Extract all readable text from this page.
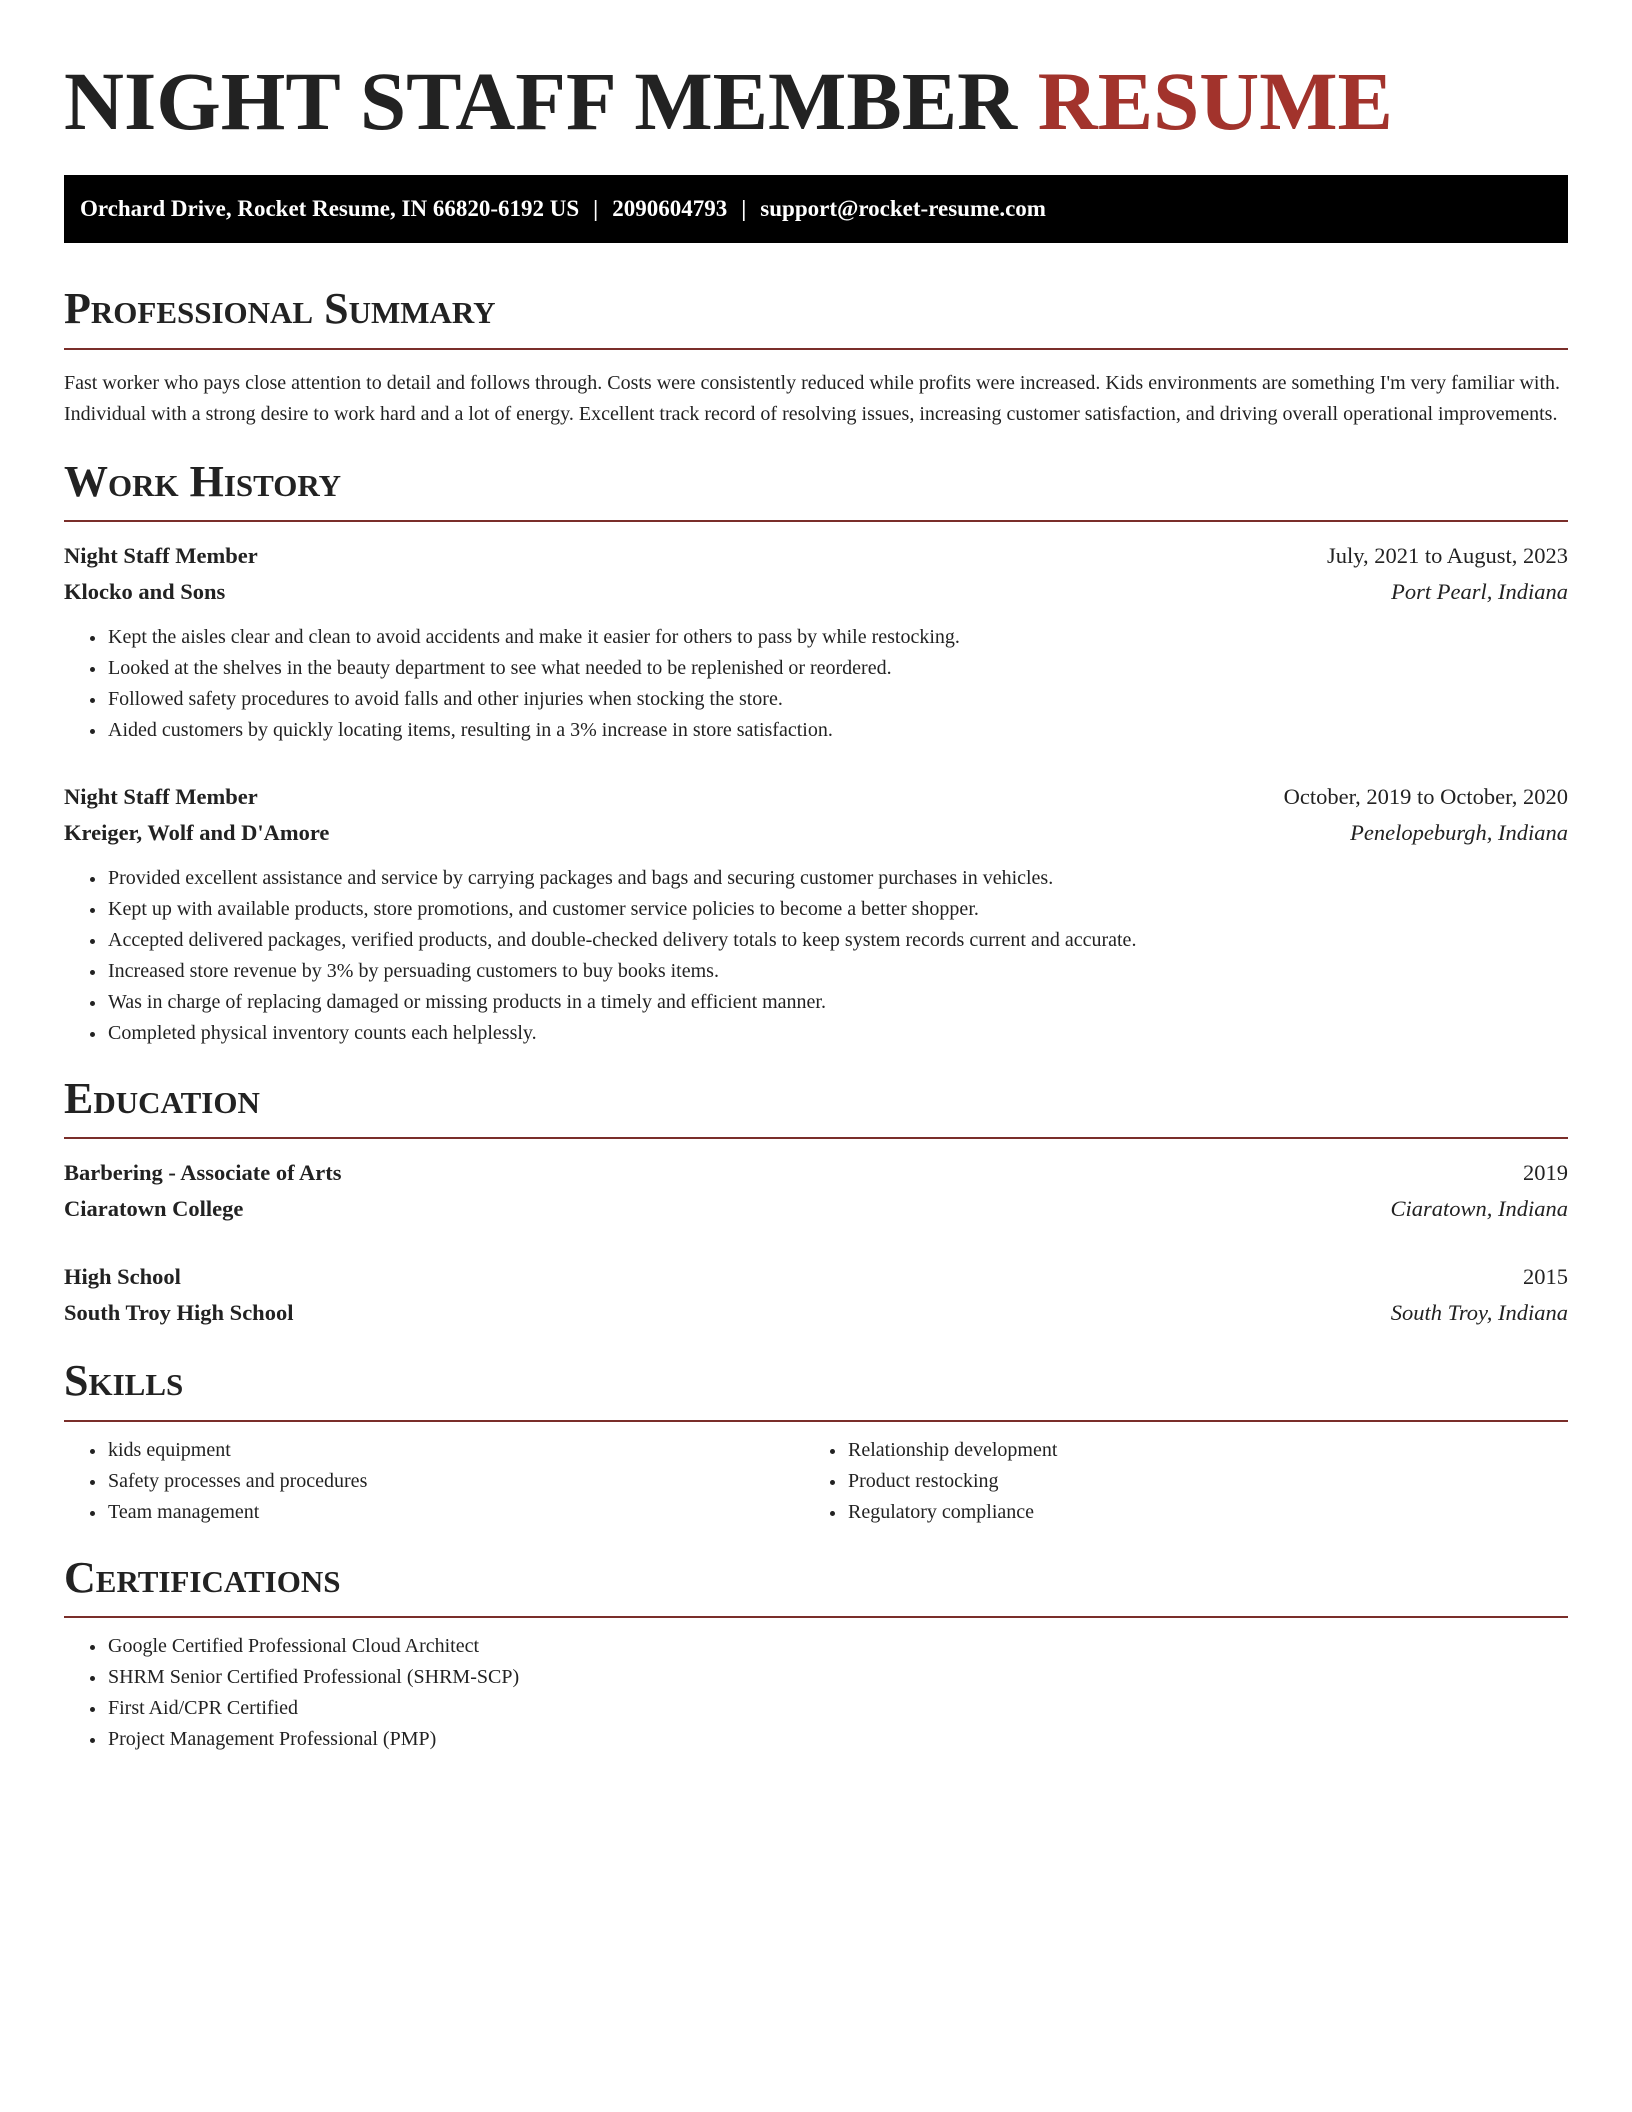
NIGHT STAFF MEMBER RESUME
Orchard Drive, Rocket Resume, IN 66820-6192 US | 2090604793 | support@rocket-resume.com
Professional Summary

Fast worker who pays close attention to detail and follows through. Costs were consistently reduced while profits were increased. Kids environments are something I'm very familiar with. Individual with a strong desire to work hard and a lot of energy. Excellent track record of resolving issues, increasing customer satisfaction, and driving overall operational improvements.

Work History
Night Staff Member	July, 2021 to August, 2023
Klocko and Sons	Port Pearl, Indiana
• Kept the aisles clear and clean to avoid accidents and make it easier for others to pass by while restocking.
• Looked at the shelves in the beauty department to see what needed to be replenished or reordered.
• Followed safety procedures to avoid falls and other injuries when stocking the store.
• Aided customers by quickly locating items, resulting in a 3% increase in store satisfaction.
Night Staff Member	October, 2019 to October, 2020
Kreiger, Wolf and D'Amore	Penelopeburgh, Indiana
• Provided excellent assistance and service by carrying packages and bags and securing customer purchases in vehicles.
• Kept up with available products, store promotions, and customer service policies to become a better shopper.
• Accepted delivered packages, verified products, and double-checked delivery totals to keep system records current and accurate.
• Increased store revenue by 3% by persuading customers to buy books items.
• Was in charge of replacing damaged or missing products in a timely and efficient manner.
• Completed physical inventory counts each helplessly.
Education
Barbering - Associate of Arts	2019
Ciaratown College	Ciaratown, Indiana
High School	2015
South Troy High School	South Troy, Indiana
Skills
• kids equipment
• Safety processes and procedures
• Team management
• Relationship development
• Product restocking
• Regulatory compliance
Certifications
• Google Certified Professional Cloud Architect
• SHRM Senior Certified Professional (SHRM-SCP)
• First Aid/CPR Certified
• Project Management Professional (PMP)
